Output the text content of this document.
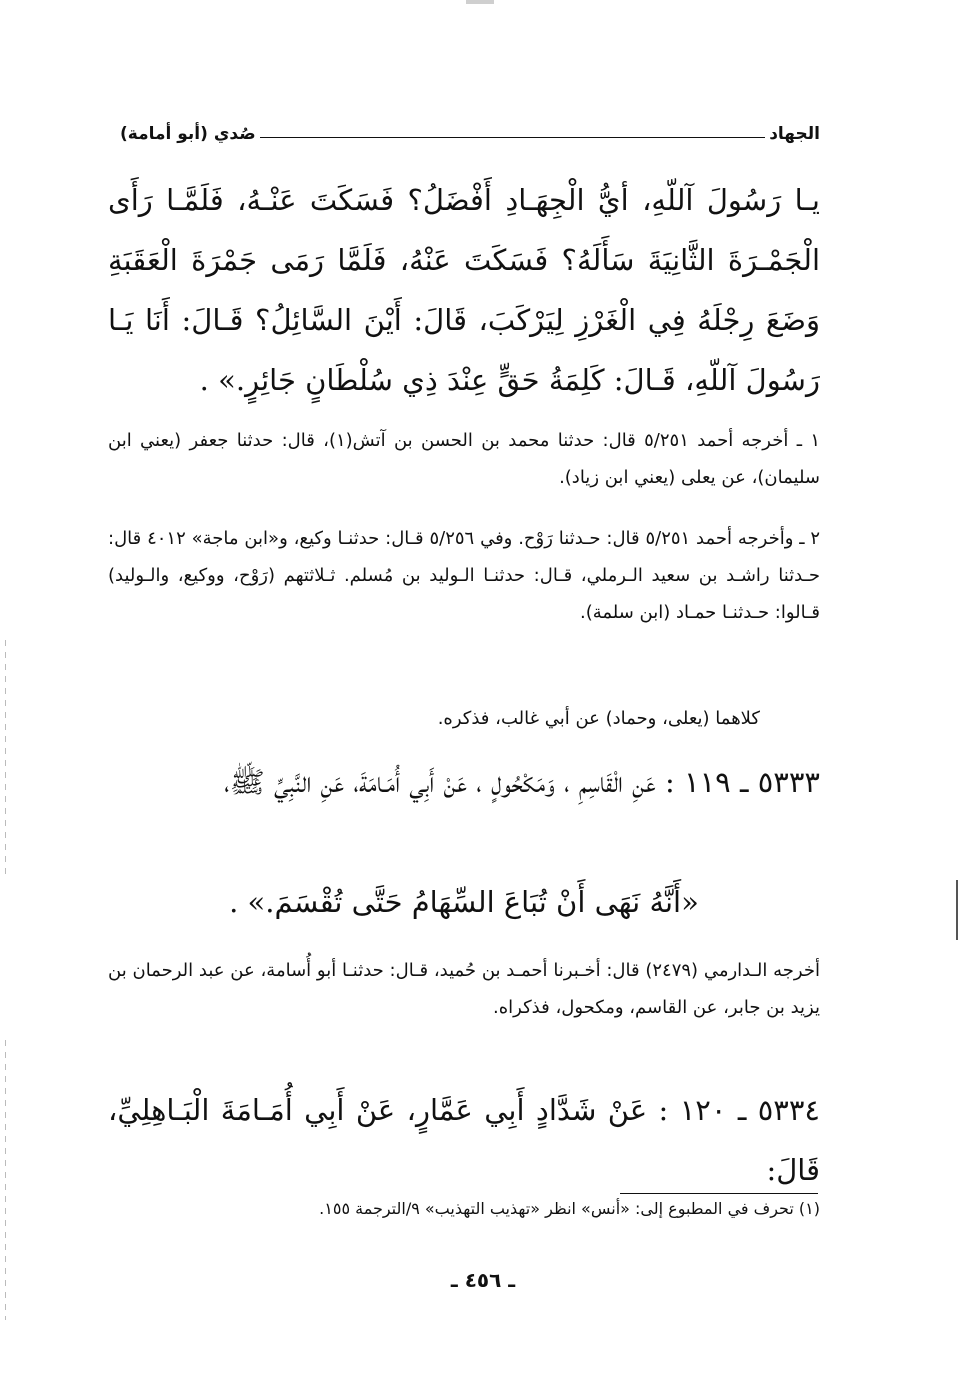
الجهاد
صُدي (أبو أمامة)

يـا رَسُولَ آللّهِ، أيُّ الْجِهَـادِ أَفْضَلُ؟ فَسَكَتَ عَنْـهُ، فَلَمَّـا رَأَى الْجَمْـرَةَ الثَّانِيَةَ سَأَلَهُ؟ فَسَكَتَ عَنْهُ، فَلَمَّا رَمَى جَمْرَةَ الْعَقَبَةِ وَضَعَ رِجْلَهُ فِي الْغَرْزِ لِيَرْكَبَ، قَالَ: أَيْنَ السَّائِلُ؟ قَـالَ: أَنَا يَـا رَسُولَ آللّهِ، قَـالَ: كَلِمَةُ حَقٍّ عِنْدَ ذِي سُلْطَانٍ جَائِرٍ.» .

١ ـ أخرجه أحمد ٥/٢٥١ قال: حدثنا محمد بن الحسن بن آتش(١)، قال: حدثنا جعفر (يعني ابن سليمان)، عن يعلى (يعني ابن زياد).

٢ ـ وأخرجه أحمد ٥/٢٥١ قال: حـدثنا رَوْح. وفي ٥/٢٥٦ قـال: حدثنـا وكيع، و«ابن ماجة» ٤٠١٢ قال: حـدثنا راشـد بن سعيد الـرملي، قـال: حدثنـا الـوليد بن مُسلم. ثـلاثتهم (رَوْح، ووكيع، والـوليد) قـالوا: حـدثنـا حمـاد (ابن سلمة).

كلاهما (يعلى، وحماد) عن أبي غالب، فذكره.

٥٣٣٣ ـ ١١٩ : عَنِ الْقَاسِمِ ، وَمَكْحُولٍ ، عَنْ أَبِي أُمَـامَةَ، عَنِ النَّبِيِّ ﷺ،

«أَنَّهُ نَهَى أَنْ تُبَاعَ السِّهَامُ حَتَّى تُقْسَمَ.» .

أخرجه الـدارمي (٢٤٧٩) قال: أخـبرنا أحمـد بن حُميد، قـال: حدثنـا أبو أُسامة، عن عبد الرحمان بن يزيد بن جابر، عن القاسم، ومكحول، فذكراه.

٥٣٣٤ ـ ١٢٠ : عَنْ شَدَّادٍ أَبِي عَمَّارٍ، عَنْ أَبِي أُمَـامَةَ الْبَـاهِلِيِّ، قَالَ:

(١) تحرف في المطبوع إلى: «أنس» انظر «تهذيب التهذيب» ٩/الترجمة ١٥٥.
ـ ٤٥٦ ـ
